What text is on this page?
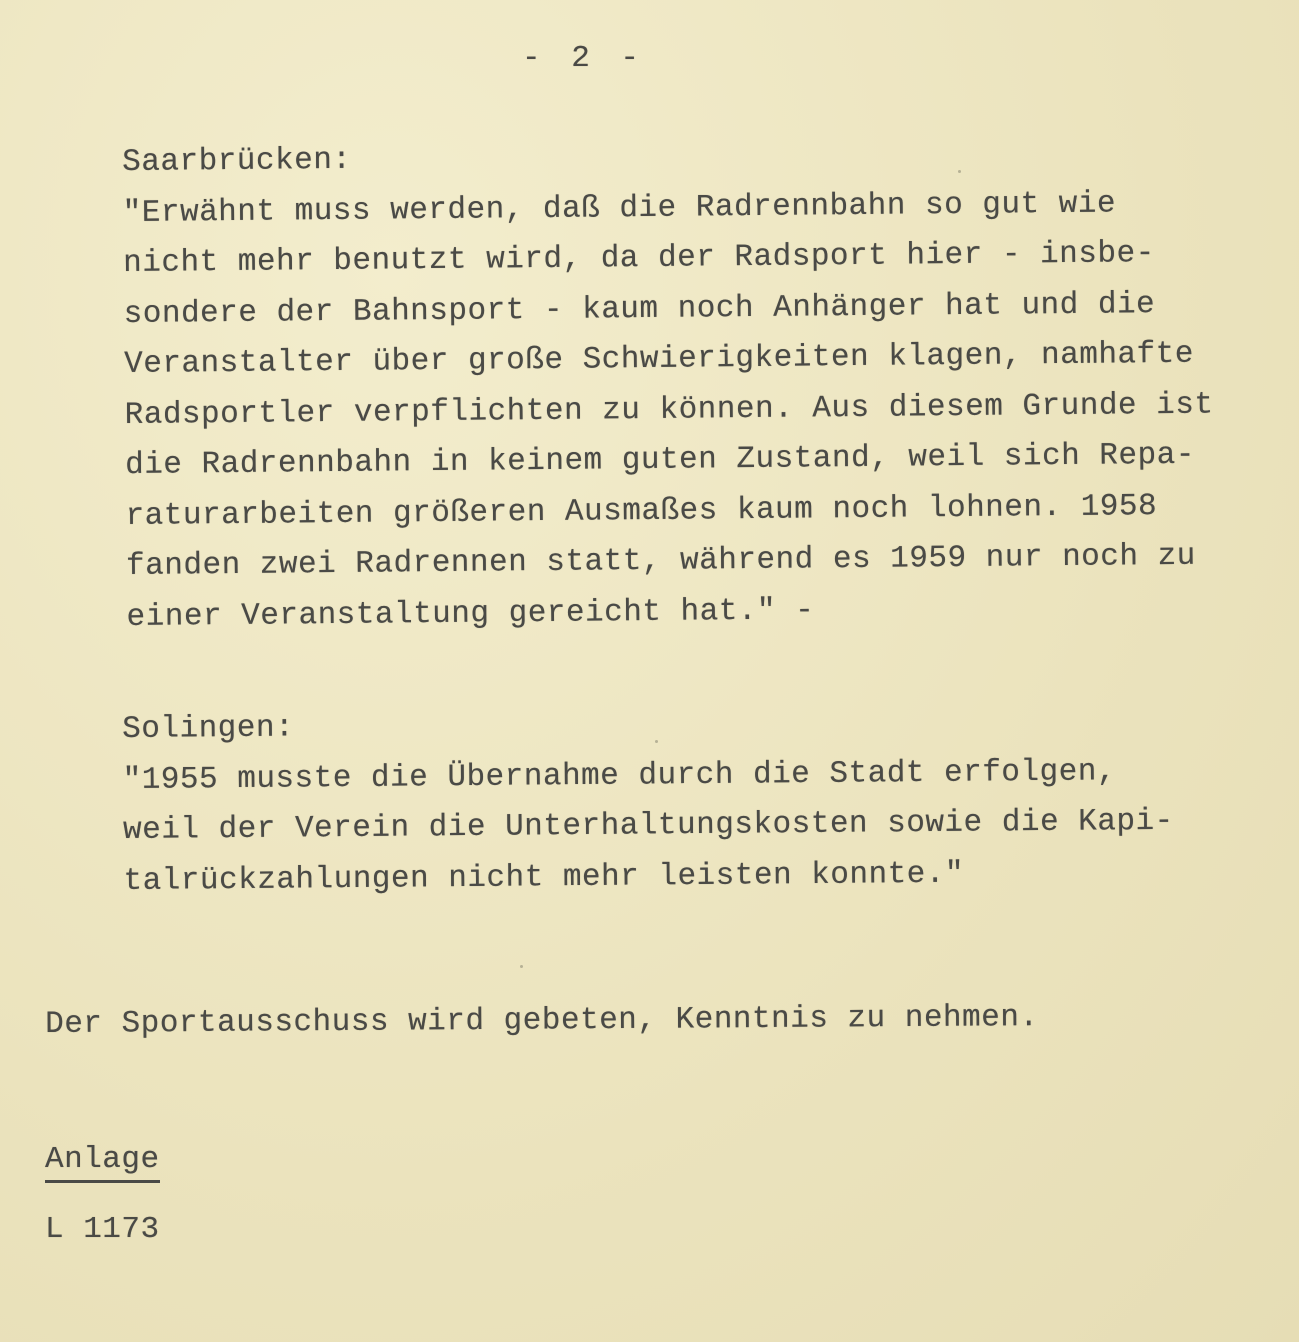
- 2 -
Saarbrücken:
"Erwähnt muss werden, daß die Radrennbahn so gut wie
nicht mehr benutzt wird, da der Radsport hier - insbe-
sondere der Bahnsport - kaum noch Anhänger hat und die
Veranstalter über große Schwierigkeiten klagen, namhafte
Radsportler verpflichten zu können. Aus diesem Grunde ist
die Radrennbahn in keinem guten Zustand, weil sich Repa-
raturarbeiten größeren Ausmaßes kaum noch lohnen. 1958
fanden zwei Radrennen statt, während es 1959 nur noch zu
einer Veranstaltung gereicht hat." -
Solingen:
"1955 musste die Übernahme durch die Stadt erfolgen,
weil der Verein die Unterhaltungskosten sowie die Kapi-
talrückzahlungen nicht mehr leisten konnte."
Der Sportausschuss wird gebeten, Kenntnis zu nehmen.
Anlage
L 1173
